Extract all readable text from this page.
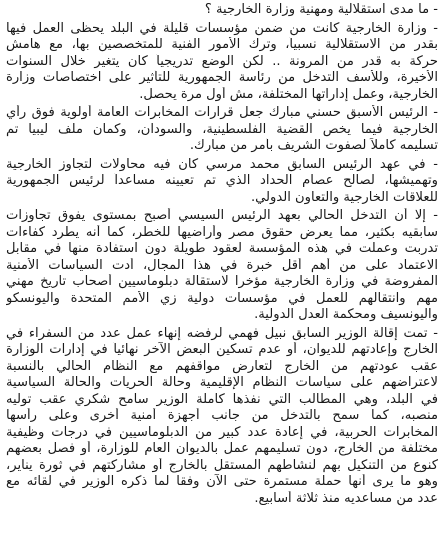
- ما مدى استقلالية ومهنية وزارة الخارجية ؟
- وزارة الخارجية كانت من ضمن مؤسسات قليلة في البلد يحظى العمل فيها
بقدر من الاستقلالية نسبياً، وترك الأمور الفنية للمتخصصين بها، مع هامش
حركة به قدر من المرونة .. لكن الوضع تدريجياً كان يتغير خلال السنوات
الأخيرة، وللأسف التدخل من رئاسة الجمهورية للتأثير على اختصاصات وزارة
الخارجية، وعمل إداراتها المختلفة، مش أول مرة يحصل.
- الرئيس الأسبق حسني مبارك جعل قرارات المخابرات العامة أولوية فوق رأي
الخارجية فيما يخص القضية الفلسطينية، والسودان، وكمان ملف ليبيا تم
تسليمه كاملاً لصفوت الشريف بأمر من مبارك.
- في عهد الرئيس السابق محمد مرسي كان فيه محاولات لتجاوز الخارجية
وتهميشها، لصالح عصام الحداد الذي تم تعيينه مساعداً لرئيس الجمهورية
للعلاقات الخارجية والتعاون الدولي.
- إلا أن التدخل الحالي بعهد الرئيس السيسي أصبح بمستوى يفوق تجاوزات
سابقيه بكثير، مما يعرض حقوق مصر وأراضيها للخطر، كما أنه يطرد كفاءات
تدربت وعملت في هذه المؤسسة لعقود طويلة دون استفادة منها في مقابل
الاعتماد على من أهم أقل خبرة في هذا المجال، أدت السياسات الأمنية
المفروضة في وزارة الخارجية مؤخرا لاستقالة دبلوماسيين أصحاب تاريخ مهني
مهم وانتقالهم للعمل في مؤسسات دولية زي الأمم المتحدة واليونسكو
واليونسيف ومحكمة العدل الدولية.
- تمت إقالة الوزير السابق نبيل فهمي لرفضه إنهاء عمل عدد من السفراء في
الخارج وإعادتهم للديوان، أو عدم تسكين البعض الآخر نهائياً في إدارات الوزارة
عقب عودتهم من الخارج لتعارض مواقفهم مع النظام الحالي بالنسبة
لاعتراضهم على سياسات النظام الإقليمية وحالة الحريات والحالة السياسية
في البلد، وهي المطالب التي نفذها كاملة الوزير سامح شكري عقب توليه
منصبه، كما سمح بالتدخل من جانب أجهزة أمنية أخرى وعلى رأسها
المخابرات الحربية، في إعادة عدد كبير من الدبلوماسيين في درجات وظيفية
مختلفة من الخارج، دون تسليمهم عمل بالديوان العام للوزارة، أو فصل بعضهم
كنوع من التنكيل بهم لنشاطهم المستقل بالخارج أو مشاركتهم في ثورة يناير،
وهو ما يرى أنها حملة مستمرة حتى الآن وفقا لما ذكره الوزير في لقائه مع
عدد من مساعديه منذ ثلاثة أسابيع.
